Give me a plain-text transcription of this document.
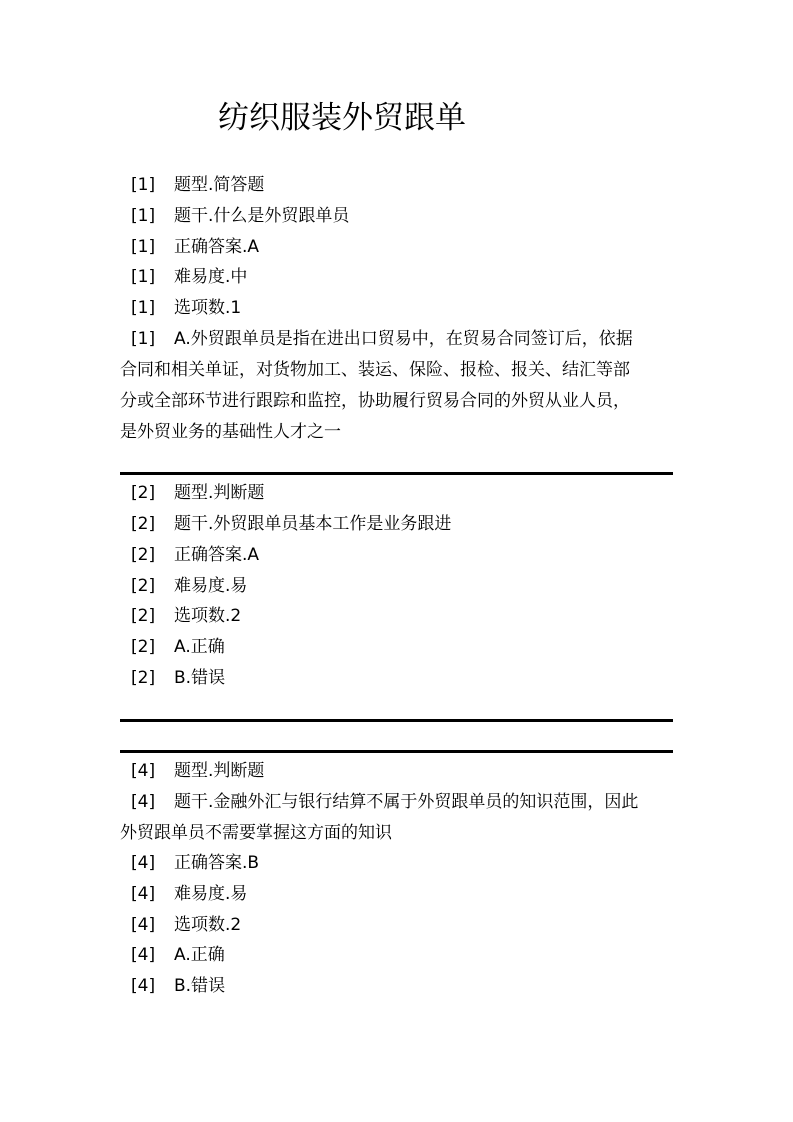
纺织服装外贸跟单
[1] 题型.简答题
[1] 题干.什么是外贸跟单员
[1] 正确答案.A
[1] 难易度.中
[1] 选项数.1
[1] A.外贸跟单员是指在进出口贸易中，在贸易合同签订后，依据
合同和相关单证，对货物加工、装运、保险、报检、报关、结汇等部
分或全部环节进行跟踪和监控，协助履行贸易合同的外贸从业人员，
是外贸业务的基础性人才之一
[2] 题型.判断题
[2] 题干.外贸跟单员基本工作是业务跟进
[2] 正确答案.A
[2] 难易度.易
[2] 选项数.2
[2] A.正确
[2] B.错误
[4] 题型.判断题
[4] 题干.金融外汇与银行结算不属于外贸跟单员的知识范围，因此
外贸跟单员不需要掌握这方面的知识
[4] 正确答案.B
[4] 难易度.易
[4] 选项数.2
[4] A.正确
[4] B.错误
